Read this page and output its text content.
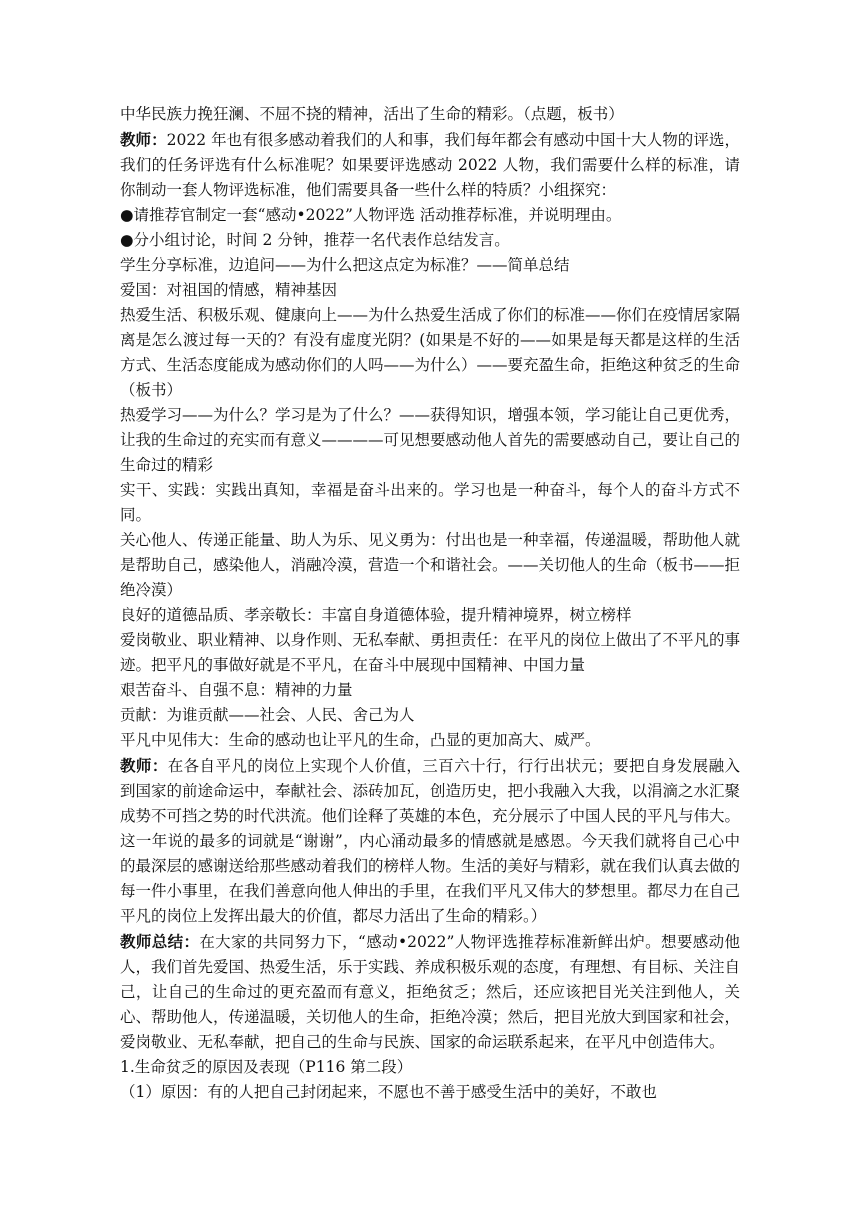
中华民族力挽狂澜、不屈不挠的精神，活出了生命的精彩。（点题，板书）

教师：2022 年也有很多感动着我们的人和事，我们每年都会有感动中国十大人物的评选，我们的任务评选有什么标准呢？如果要评选感动 2022 人物，我们需要什么样的标准，请你制动一套人物评选标准，他们需要具备一些什么样的特质？小组探究：

●请推荐官制定一套“感动•2022”人物评选 活动推荐标准，并说明理由。

●分小组讨论，时间 2 分钟，推荐一名代表作总结发言。

学生分享标准，边追问——为什么把这点定为标准？——简单总结

爱国：对祖国的情感，精神基因

热爱生活、积极乐观、健康向上——为什么热爱生活成了你们的标准——你们在疫情居家隔离是怎么渡过每一天的？有没有虚度光阴？(如果是不好的——如果是每天都是这样的生活方式、生活态度能成为感动你们的人吗——为什么）——要充盈生命，拒绝这种贫乏的生命（板书）

热爱学习——为什么？学习是为了什么？——获得知识，增强本领，学习能让自己更优秀，让我的生命过的充实而有意义————可见想要感动他人首先的需要感动自己，要让自己的生命过的精彩

实干、实践：实践出真知，幸福是奋斗出来的。学习也是一种奋斗，每个人的奋斗方式不同。

关心他人、传递正能量、助人为乐、见义勇为：付出也是一种幸福，传递温暖，帮助他人就是帮助自己，感染他人，消融冷漠，营造一个和谐社会。——关切他人的生命（板书——拒绝冷漠）

良好的道德品质、孝亲敬长：丰富自身道德体验，提升精神境界，树立榜样

爱岗敬业、职业精神、以身作则、无私奉献、勇担责任：在平凡的岗位上做出了不平凡的事迹。把平凡的事做好就是不平凡，在奋斗中展现中国精神、中国力量

艰苦奋斗、自强不息：精神的力量

贡献：为谁贡献——社会、人民、舍己为人

平凡中见伟大：生命的感动也让平凡的生命，凸显的更加高大、威严。

教师：在各自平凡的岗位上实现个人价值，三百六十行，行行出状元；要把自身发展融入到国家的前途命运中，奉献社会、添砖加瓦，创造历史，把小我融入大我，以涓滴之水汇聚成势不可挡之势的时代洪流。他们诠释了英雄的本色，充分展示了中国人民的平凡与伟大。

这一年说的最多的词就是“谢谢”，内心涌动最多的情感就是感恩。今天我们就将自己心中的最深层的感谢送给那些感动着我们的榜样人物。生活的美好与精彩，就在我们认真去做的每一件小事里，在我们善意向他人伸出的手里，在我们平凡又伟大的梦想里。都尽力在自己平凡的岗位上发挥出最大的价值，都尽力活出了生命的精彩。）

教师总结：在大家的共同努力下，“感动•2022”人物评选推荐标准新鲜出炉。想要感动他人，我们首先爱国、热爱生活，乐于实践、养成积极乐观的态度，有理想、有目标、关注自己，让自己的生命过的更充盈而有意义，拒绝贫乏；然后，还应该把目光关注到他人，关心、帮助他人，传递温暖，关切他人的生命，拒绝冷漠；然后，把目光放大到国家和社会，爱岗敬业、无私奉献，把自己的生命与民族、国家的命运联系起来，在平凡中创造伟大。

1.生命贫乏的原因及表现（P116 第二段）

（1）原因：有的人把自己封闭起来，不愿也不善于感受生活中的美好，不敢也
